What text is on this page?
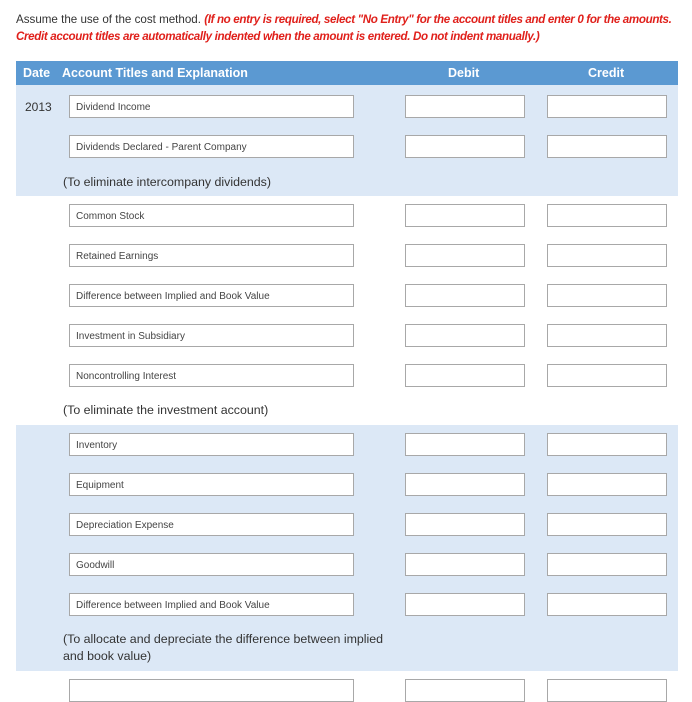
Assume the use of the cost method. (If no entry is required, select "No Entry" for the account titles and enter 0 for the amounts. Credit account titles are automatically indented when the amount is entered. Do not indent manually.)
Date Account Titles and Explanation	Debit	Credit
2013	Dividend Income
Dividends Declared - Parent Company
(To eliminate intercompany dividends)
Common Stock
Retained Earnings
Difference between Implied and Book Value
Investment in Subsidiary
Noncontrolling Interest
(To eliminate the investment account)
Inventory
Equipment
Depreciation Expense
Goodwill
Difference between Implied and Book Value
(To allocate and depreciate the difference between implied and book value)
